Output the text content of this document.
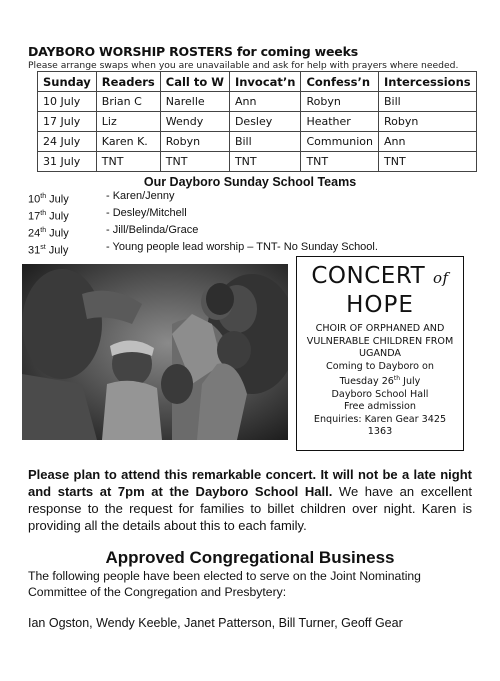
DAYBORO WORSHIP ROSTERS for coming weeks
Please arrange swaps when you are unavailable and ask for help with prayers where needed.
Sunday	Readers	Call to W	Invocat’n	Confess’n	Intercessions
10 July	Brian C	Narelle	Ann	Robyn	Bill
17 July	Liz	Wendy	Desley	Heather	Robyn
24 July	Karen K.	Robyn	Bill	Communion	Ann
31 July	TNT	TNT	TNT	TNT	TNT
Our Dayboro Sunday School Teams
10th July	- Karen/Jenny
17th July	- Desley/Mitchell
24th July	- Jill/Belinda/Grace
31st July	- Young people lead worship – TNT- No Sunday School.
CONCERT of
HOPE
CHOIR OF ORPHANED AND
VULNERABLE CHILDREN FROM
UGANDA
Coming to Dayboro on
Tuesday 26th July
Dayboro School Hall
Free admission
Enquiries: Karen Gear 3425
1363
Please plan to attend this remarkable concert. It will not be a late night and starts at 7pm at the Dayboro School Hall. We have an excellent response to the request for families to billet children over night. Karen is providing all the details about this to each family.
Approved Congregational Business
The following people have been elected to serve on the Joint Nominating Committee of the Congregation and Presbytery:
Ian Ogston, Wendy Keeble, Janet Patterson, Bill Turner, Geoff Gear
